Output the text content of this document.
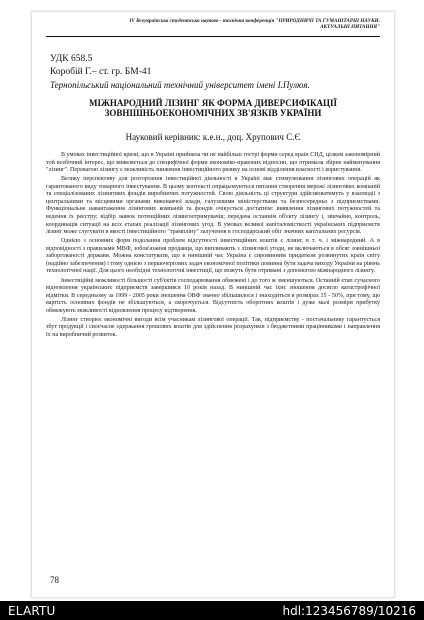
IV Всеукраїнська студентська науково - технічна конференція "ПРИРОДНИЧІ ТА ГУМАНІТАРНІ НАУКИ.
АКТУАЛЬНІ ПИТАННЯ"
УДК 658.5
Коробій Г.– ст. гр. БМ-41
Тернопільський національний технічний університет імені І.Пулюя.
МІЖНАРОДНИЙ ЛІЗИНГ ЯК ФОРМА ДИВЕРСИФІКАЦІЇ
ЗОВНІШНЬОЕКОНОМІЧНИХ ЗВ'ЯЗКІВ УКРАЇНИ
Науковий керівник: к.е.н., доц. Хрупович С.Є

В умовах інвестиційної кризи, що в Україні прийняла чи не найбільш гострі форми серед країн СНД, цілком закономірний той всебічний інтерес, що виявляється до специфічної форми економіко-правових відносин, що отримала збірне найменування "лізинг". Перевагою лізингу є можливість зниження інвестиційного ризику на основі відділення власності і користування.

Велику перспективу для розгортання інвестиційної діяльності в Україні має стимулювання лізингових операцій як гарантованого виду товарного інвестування. В цьому контексті опрацьовуються питання створення мережі лізингових компаній та спеціалізованих лізингових фондів виробничих потужностей. Свою діяльність ці структури здійснюватимуть у взаємодії з центральними та місцевими органами виконавчої влади, галузевими міністерствами та безпосередньо з підприємствами. Функціональне навантаження лізингових компаній та фондів очікується достатнім: виявлення лізингових потужностей та ведення їх реєстру; відбір заявок потенційних лізингоотримувачів; передача останнім об'єкту лізингу і, звичайно, контроль, координація ситуації на всіх етапах реалізації лізингових угод. В умовах великої капіталомісткості українських підприємств лізинг може слугувати в якості інвестиційного "трампліну" залучення в господарський обіг значних капітальних ресурсів.

Однією з основних форм подолання проблем відсутності інвестиційних коштів є лізинг, в т. ч. і міжнародний. А в відповідності з правилами МВФ, зобов'язання продавця, що випливають з лізингової угоди, не включаються в обсяг зовнішньої заборгованості держави. Можна констатувати, що в нинішній час Україна є сировинним придатком розвинутих країн світу (надійно забезпечення) і тому однією з першочергових задач економічної політики повинна бути задача виходу України на рівень технологічної нації. Для цього необхідні технологічні інвестиції, що можуть бути отримані з допомогою міжнародного лізингу.

Інвестиційні можливості більшості суб'єктів господарювання обмежені і до того ж зменшуються. Останній етап сучасного відновлення українських підприємств завершився 10 років назад. В нинішній час їхнє зношення досягло катастрофічної відмітки. В середньому за 1999 - 2005 роки зношення ОВФ значно збільшилося і знаходиться в розмірах 35 - 50%, при тому, що вартість основних фондів не збільшуються, а скорочується. Відсутність оборотних коштів і дуже малі розміри прибутку обмежують можливості відновлення процесу відтворення.

Лізинг створює економічні вигоди всім учасникам лізингової операції. Так, підприємству - постачальнику гарантується збут продукції і своєчасне одержання грошових коштів для здійснення розрахунків з бюджетними працівниками і направлення їх на виробничий розвиток.

78
ELARTU	hdl:123456789/10216
